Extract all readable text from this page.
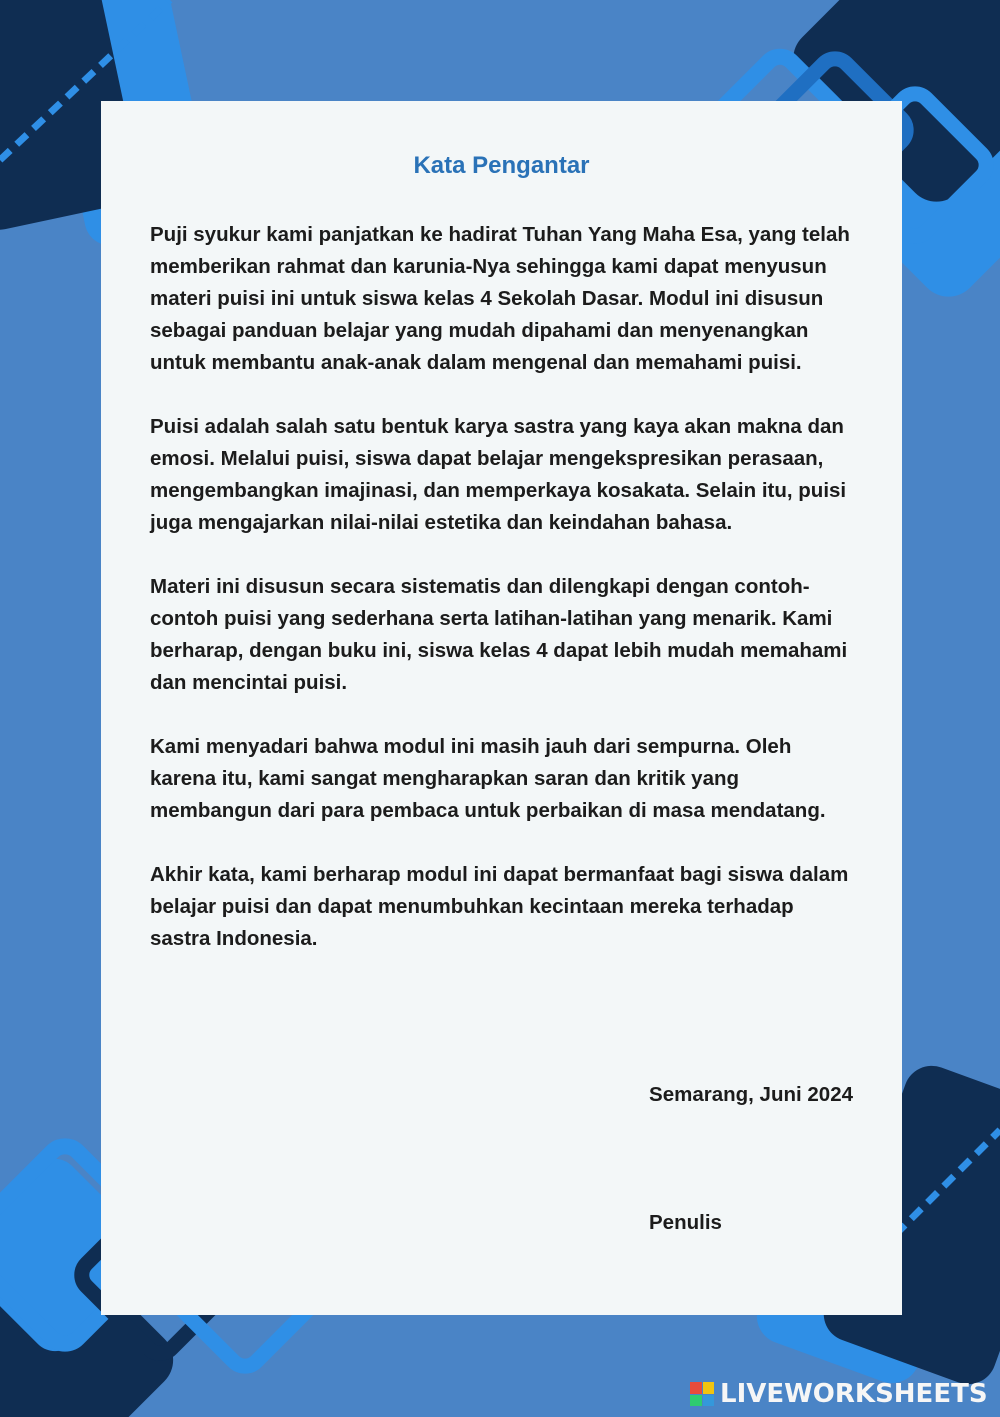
Kata Pengantar

Puji syukur kami panjatkan ke hadirat Tuhan Yang Maha Esa, yang telah memberikan rahmat dan karunia-Nya sehingga kami dapat menyusun materi puisi ini untuk siswa kelas 4 Sekolah Dasar. Modul ini disusun sebagai panduan belajar yang mudah dipahami dan menyenangkan untuk membantu anak-anak dalam mengenal dan memahami puisi.

Puisi adalah salah satu bentuk karya sastra yang kaya akan makna dan emosi. Melalui puisi, siswa dapat belajar mengekspresikan perasaan, mengembangkan imajinasi, dan memperkaya kosakata. Selain itu, puisi juga mengajarkan nilai-nilai estetika dan keindahan bahasa.

Materi ini disusun secara sistematis dan dilengkapi dengan contoh-contoh puisi yang sederhana serta latihan-latihan yang menarik. Kami berharap, dengan buku ini, siswa kelas 4 dapat lebih mudah memahami dan mencintai puisi.

Kami menyadari bahwa modul ini masih jauh dari sempurna. Oleh karena itu, kami sangat mengharapkan saran dan kritik yang membangun dari para pembaca untuk perbaikan di masa mendatang.

Akhir kata, kami berharap modul ini dapat bermanfaat bagi siswa dalam belajar puisi dan dapat menumbuhkan kecintaan mereka terhadap sastra Indonesia.

Semarang, Juni 2024
Penulis
LIVEWORKSHEETS
